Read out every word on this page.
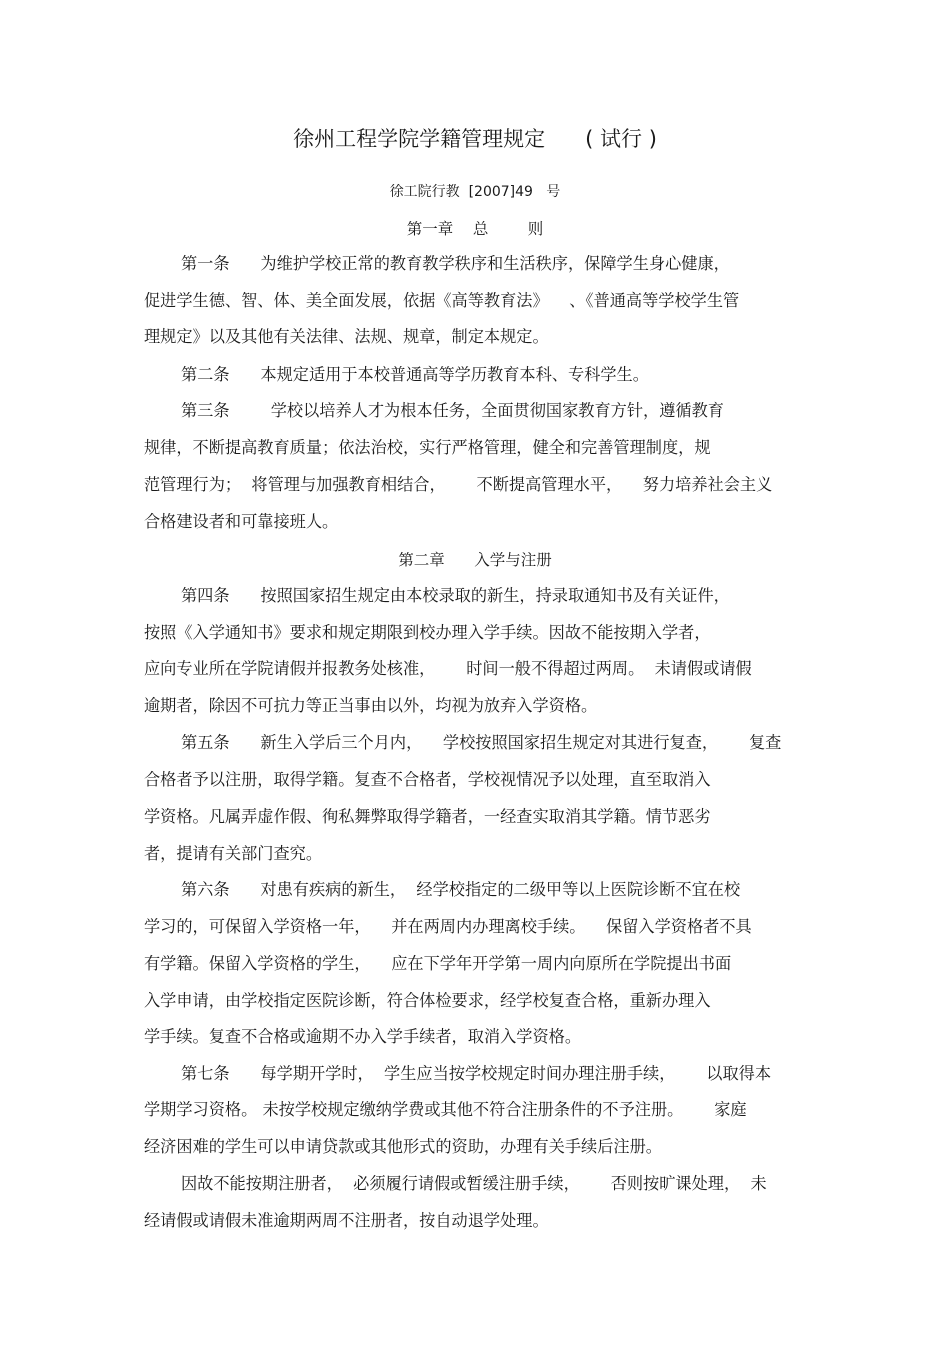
徐州工程学院学籍管理规定      ( 试行 )
徐工院行教  [2007]49   号
第一章    总        则
第一条      为维护学校正常的教育教学秩序和生活秩序，保障学生身心健康，
促进学生德、智、体、美全面发展，依据《高等教育法》    、《普通高等学校学生管
理规定》以及其他有关法律、法规、规章，制定本规定。
第二条      本规定适用于本校普通高等学历教育本科、专科学生。
第三条        学校以培养人才为根本任务，全面贯彻国家教育方针，遵循教育
规律，不断提高教育质量；依法治校，实行严格管理，健全和完善管理制度，规
范管理行为；  将管理与加强教育相结合，      不断提高管理水平，    努力培养社会主义
合格建设者和可靠接班人。
第二章      入学与注册
第四条      按照国家招生规定由本校录取的新生，持录取通知书及有关证件，
按照《入学通知书》要求和规定期限到校办理入学手续。因故不能按期入学者，
应向专业所在学院请假并报教务处核准，      时间一般不得超过两周。  未请假或请假
逾期者，除因不可抗力等正当事由以外，均视为放弃入学资格。
第五条      新生入学后三个月内，    学校按照国家招生规定对其进行复查，      复查
合格者予以注册，取得学籍。复查不合格者，学校视情况予以处理，直至取消入
学资格。凡属弄虚作假、徇私舞弊取得学籍者，一经查实取消其学籍。情节恶劣
者，提请有关部门查究。
第六条      对患有疾病的新生，  经学校指定的二级甲等以上医院诊断不宜在校
学习的，可保留入学资格一年，    并在两周内办理离校手续。    保留入学资格者不具
有学籍。保留入学资格的学生，    应在下学年开学第一周内向原所在学院提出书面
入学申请，由学校指定医院诊断，符合体检要求，经学校复查合格，重新办理入
学手续。复查不合格或逾期不办入学手续者，取消入学资格。
第七条      每学期开学时，  学生应当按学校规定时间办理注册手续，      以取得本
学期学习资格。 未按学校规定缴纳学费或其他不符合注册条件的不予注册。      家庭
经济困难的学生可以申请贷款或其他形式的资助，办理有关手续后注册。
因故不能按期注册者，  必须履行请假或暂缓注册手续，      否则按旷课处理，  未
经请假或请假未准逾期两周不注册者，按自动退学处理。
